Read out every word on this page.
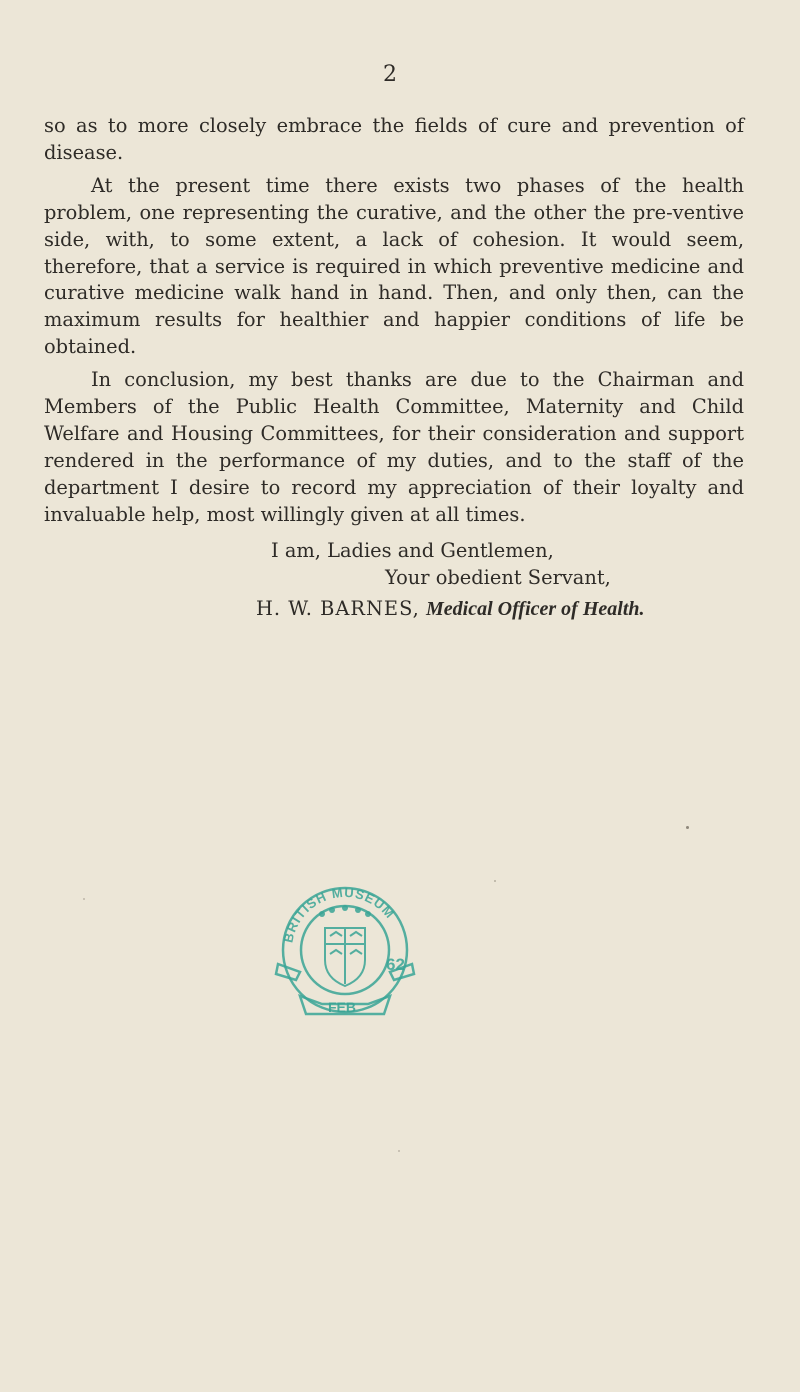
2

so as to more closely embrace the fields of cure and prevention of disease.

At the present time there exists two phases of the health problem, one representing the curative, and the other the pre-ventive side, with, to some extent, a lack of cohesion. It would seem, therefore, that a service is required in which preventive medicine and curative medicine walk hand in hand. Then, and only then, can the maximum results for healthier and happier conditions of life be obtained.

In conclusion, my best thanks are due to the Chairman and Members of the Public Health Committee, Maternity and Child Welfare and Housing Committees, for their consideration and support rendered in the performance of my duties, and to the staff of the department I desire to record my appreciation of their loyalty and invaluable help, most willingly given at all times.

I am, Ladies and Gentlemen,
Your obedient Servant,
H. W. BARNES, Medical Officer of Health.
BRITISH MUSEUM
62
FEB
